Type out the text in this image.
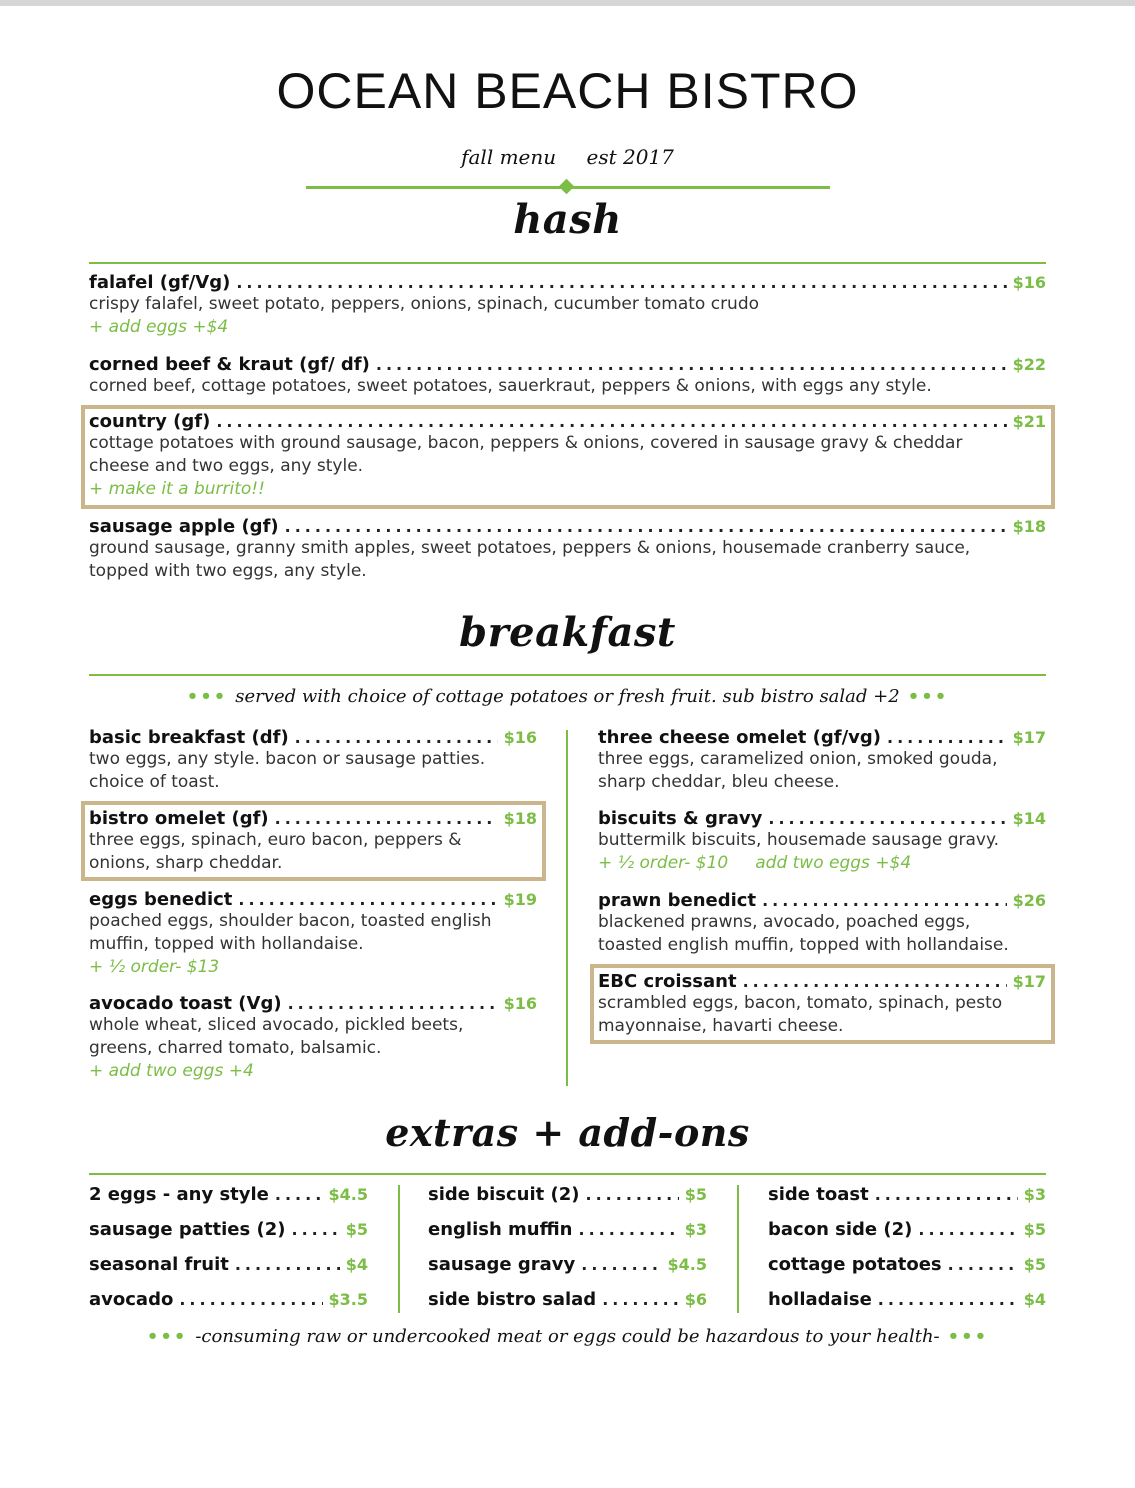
OCEAN BEACH BISTRO
fall menu est 2017
hash
falafel (gf/Vg) .....	$16
crispy falafel, sweet potato, peppers, onions, spinach, cucumber tomato crudo
+ add eggs +$4
corned beef & kraut (gf/ df) .....	$22
corned beef, cottage potatoes, sweet potatoes, sauerkraut, peppers & onions, with eggs any style.
country (gf) .....	$21
cottage potatoes with ground sausage, bacon, peppers & onions, covered in sausage gravy & cheddar cheese and two eggs, any style.
+ make it a burrito!!
sausage apple (gf) .....	$18
ground sausage, granny smith apples, sweet potatoes, peppers & onions, housemade cranberry sauce, topped with two eggs, any style.
breakfast
••• served with choice of cottage potatoes or fresh fruit. sub bistro salad +2 •••
basic breakfast (df) .....	$16
two eggs, any style. bacon or sausage patties. choice of toast.
bistro omelet (gf) .....	$18
three eggs, spinach, euro bacon, peppers & onions, sharp cheddar.
eggs benedict .....	$19
poached eggs, shoulder bacon, toasted english muffin, topped with hollandaise.
+ ½ order- $13
avocado toast (Vg) .....	$16
whole wheat, sliced avocado, pickled beets, greens, charred tomato, balsamic.
+ add two eggs +4
three cheese omelet (gf/vg) .....	$17
three eggs, caramelized onion, smoked gouda, sharp cheddar, bleu cheese.
biscuits & gravy .....	$14
buttermilk biscuits, housemade sausage gravy.
+ ½ order- $10     add two eggs +$4
prawn benedict .....	$26
blackened prawns, avocado, poached eggs, toasted english muffin, topped with hollandaise.
EBC croissant .....	$17
scrambled eggs, bacon, tomato, spinach, pesto mayonnaise, havarti cheese.
extras + add-ons
2 eggs - any style .....	$4.5
sausage patties (2) .....	$5
seasonal fruit .....	$4
avocado .....	$3.5
side biscuit (2) .....	$5
english muffin .....	$3
sausage gravy .....	$4.5
side bistro salad .....	$6
side toast .....	$3
bacon side (2) .....	$5
cottage potatoes .....	$5
holladaise .....	$4
••• -consuming raw or undercooked meat or eggs could be hazardous to your health- •••
